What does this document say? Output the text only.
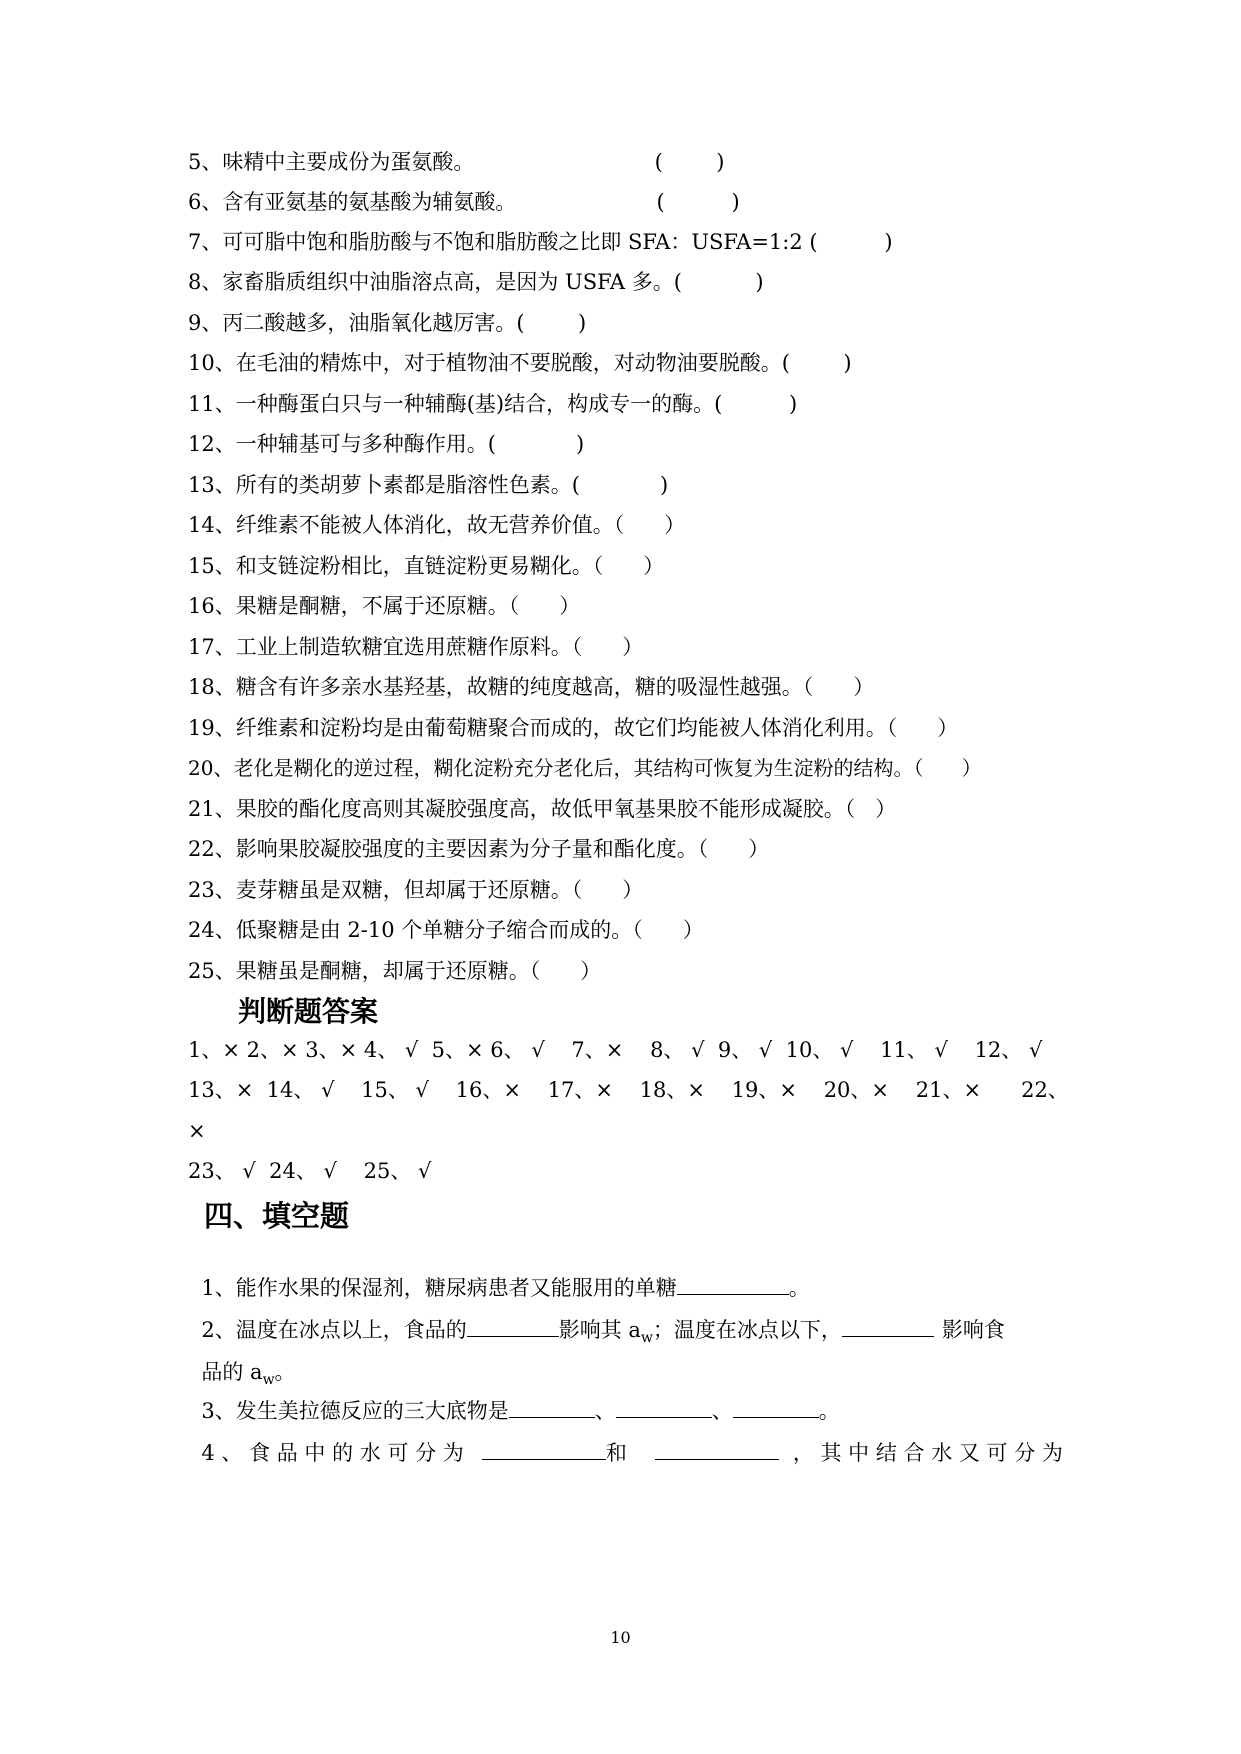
5、味精中主要成份为蛋氨酸。                           (        )
6、含有亚氨基的氨基酸为辅氨酸。                     (          )
7、可可脂中饱和脂肪酸与不饱和脂肪酸之比即 SFA：USFA=1:2 (          )
8、家畜脂质组织中油脂溶点高，是因为 USFA 多。(           )
9、丙二酸越多，油脂氧化越厉害。(        )
10、在毛油的精炼中，对于植物油不要脱酸，对动物油要脱酸。(        )
11、一种酶蛋白只与一种辅酶(基)结合，构成专一的酶。(          )
12、一种辅基可与多种酶作用。(            )
13、所有的类胡萝卜素都是脂溶性色素。(            )
14、纤维素不能被人体消化，故无营养价值。（      ）
15、和支链淀粉相比，直链淀粉更易糊化。（      ）
16、果糖是酮糖，不属于还原糖。（      ）
17、工业上制造软糖宜选用蔗糖作原料。（      ）
18、糖含有许多亲水基羟基，故糖的纯度越高，糖的吸湿性越强。（      ）
19、纤维素和淀粉均是由葡萄糖聚合而成的，故它们均能被人体消化利用。（      ）
20、老化是糊化的逆过程，糊化淀粉充分老化后，其结构可恢复为生淀粉的结构。（      ）
21、果胶的酯化度高则其凝胶强度高，故低甲氧基果胶不能形成凝胶。（   ）
22、影响果胶凝胶强度的主要因素为分子量和酯化度。（      ）
23、麦芽糖虽是双糖，但却属于还原糖。（      ）
24、低聚糖是由 2-10 个单糖分子缩合而成的。（      ）
25、果糖虽是酮糖，却属于还原糖。（      ）
判断题答案
1、× 2、× 3、× 4、 √  5、× 6、 √    7、×    8、 √  9、 √  10、 √    11、 √    12、 √
13、×  14、 √    15、 √    16、×    17、×    18、×    19、×    20、×    21、×      22、
×
23、 √  24、 √    25、 √
四、填空题

1、能作水果的保湿剂，糖尿病患者又能服用的单糖	。

2、温度在冰点以上，食品的	影响其 $a_w$；温度在冰点以下，	影响食

品的 $a_w$。

3、发生美拉德反应的三大底物是	、	、	。

4 、 食 品 中 的 水 可 分 为	和	， 其 中 结 合 水 又 可 分 为

10
